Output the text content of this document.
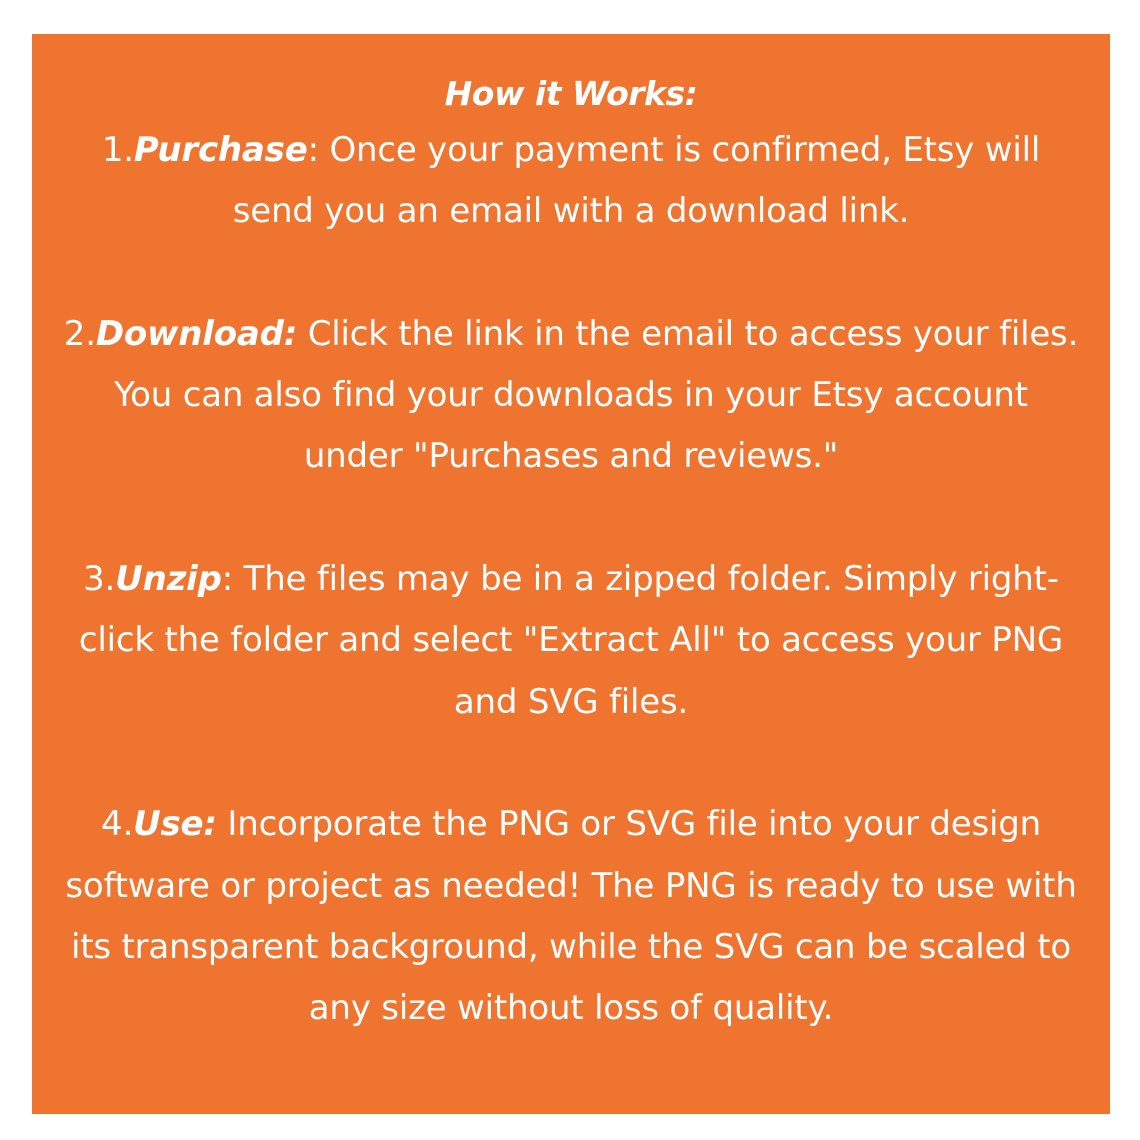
How it Works:

1.Purchase: Once your payment is confirmed, Etsy will send you an email with a download link.

2.Download: Click the link in the email to access your files. You can also find your downloads in your Etsy account under "Purchases and reviews."

3.Unzip: The files may be in a zipped folder. Simply right-click the folder and select "Extract All" to access your PNG and SVG files.

4.Use: Incorporate the PNG or SVG file into your design software or project as needed! The PNG is ready to use with its transparent background, while the SVG can be scaled to any size without loss of quality.
